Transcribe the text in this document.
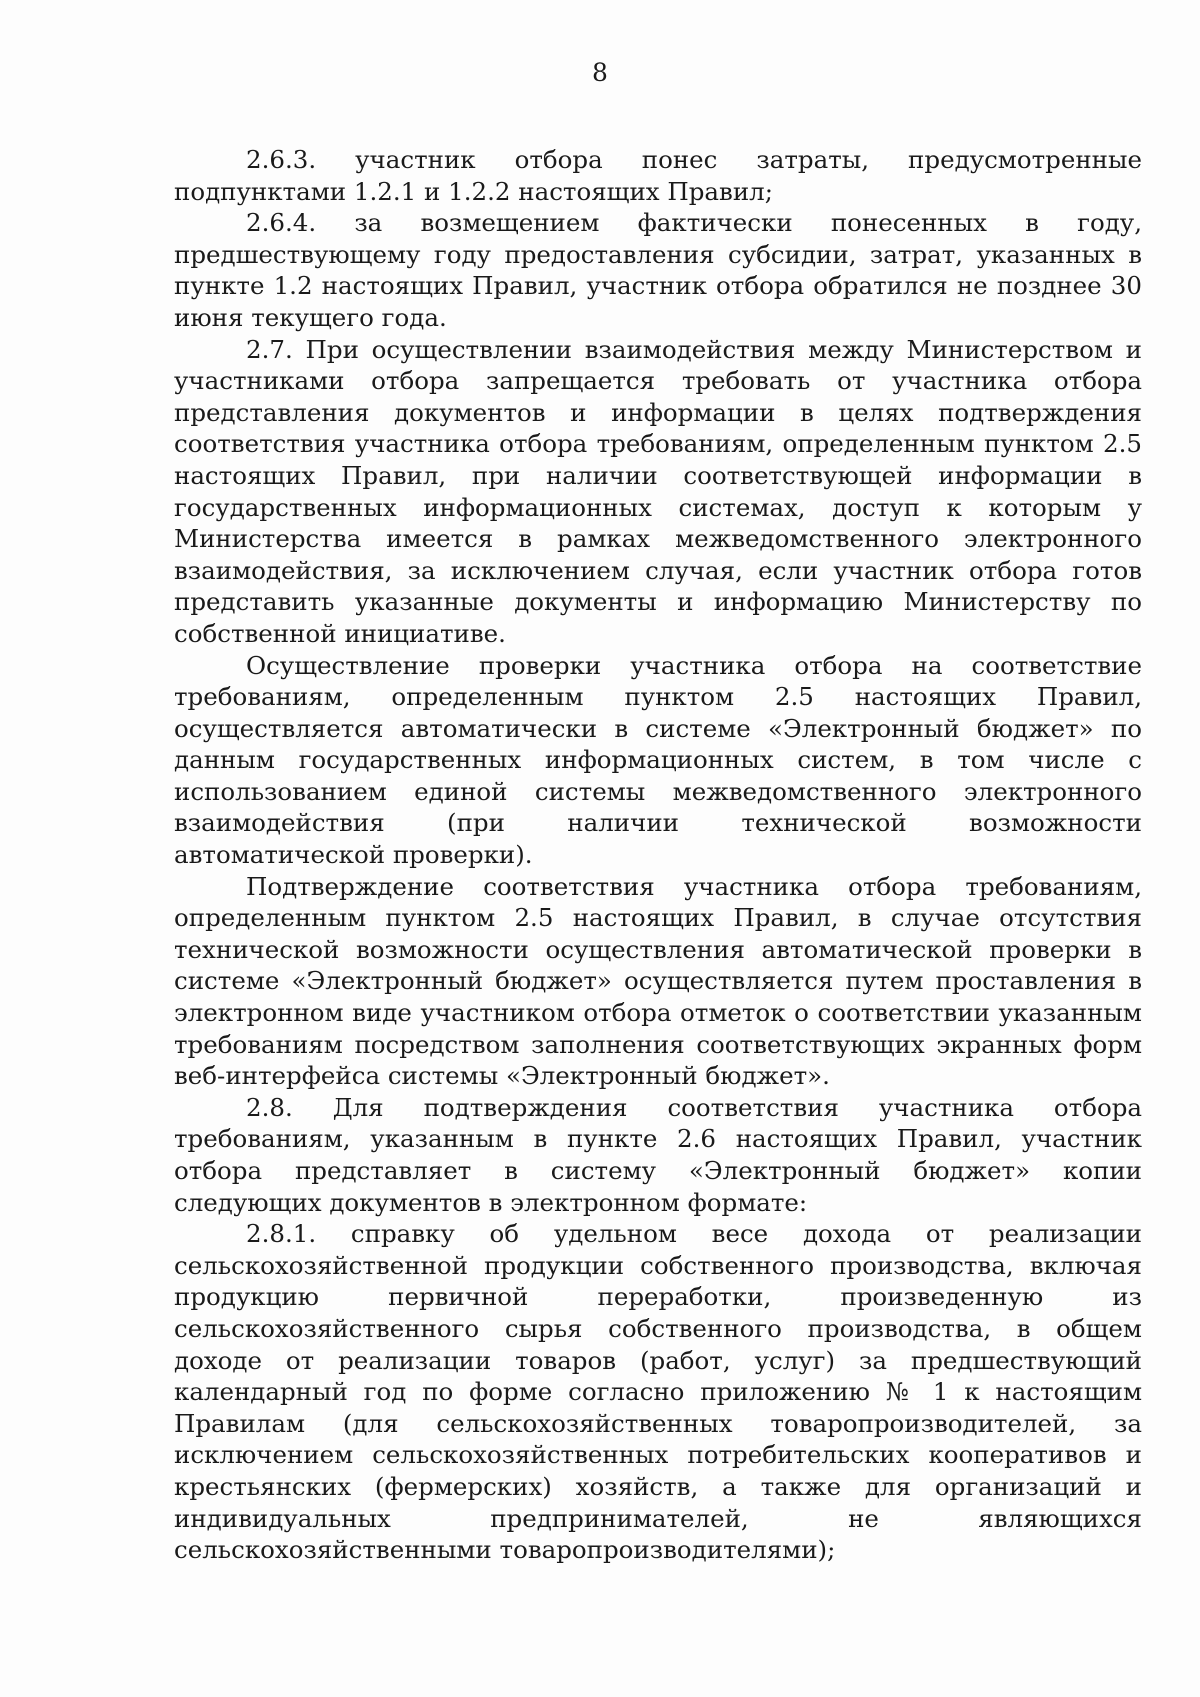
8

2.6.3. участник отбора понес затраты, предусмотренные подпунктами 1.2.1 и 1.2.2 настоящих Правил;

2.6.4. за возмещением фактически понесенных в году, предшествующему году предоставления субсидии, затрат, указанных в пункте 1.2 настоящих Правил, участник отбора обратился не позднее 30 июня текущего года.

2.7. При осуществлении взаимодействия между Министерством и участниками отбора запрещается требовать от участника отбора представления документов и информации в целях подтверждения соответствия участника отбора требованиям, определенным пунктом 2.5 настоящих Правил, при наличии соответствующей информации в государственных информационных системах, доступ к которым у Министерства имеется в рамках межведомственного электронного взаимодействия, за исключением случая, если участник отбора готов представить указанные документы и информацию Министерству по собственной инициативе.

Осуществление проверки участника отбора на соответствие требованиям, определенным пунктом 2.5 настоящих Правил, осуществляется автоматически в системе «Электронный бюджет» по данным государственных информационных систем, в том числе с использованием единой системы межведомственного электронного взаимодействия (при наличии технической возможности автоматической проверки).

Подтверждение соответствия участника отбора требованиям, определенным пунктом 2.5 настоящих Правил, в случае отсутствия технической возможности осуществления автоматической проверки в системе «Электронный бюджет» осуществляется путем проставления в электронном виде участником отбора отметок о соответствии указанным требованиям посредством заполнения соответствующих экранных форм веб-интерфейса системы «Электронный бюджет».

2.8. Для подтверждения соответствия участника отбора требованиям, указанным в пункте 2.6 настоящих Правил, участник отбора представляет в систему «Электронный бюджет» копии следующих документов в электронном формате:

2.8.1. справку об удельном весе дохода от реализации сельскохозяйственной продукции собственного производства, включая продукцию первичной переработки, произведенную из сельскохозяйственного сырья собственного производства, в общем доходе от реализации товаров (работ, услуг) за предшествующий календарный год по форме согласно приложению № 1 к настоящим Правилам (для сельскохозяйственных товаропроизводителей, за исключением сельскохозяйственных потребительских кооперативов и крестьянских (фермерских) хозяйств, а также для организаций и индивидуальных предпринимателей, не являющихся сельскохозяйственными товаропроизводителями);
